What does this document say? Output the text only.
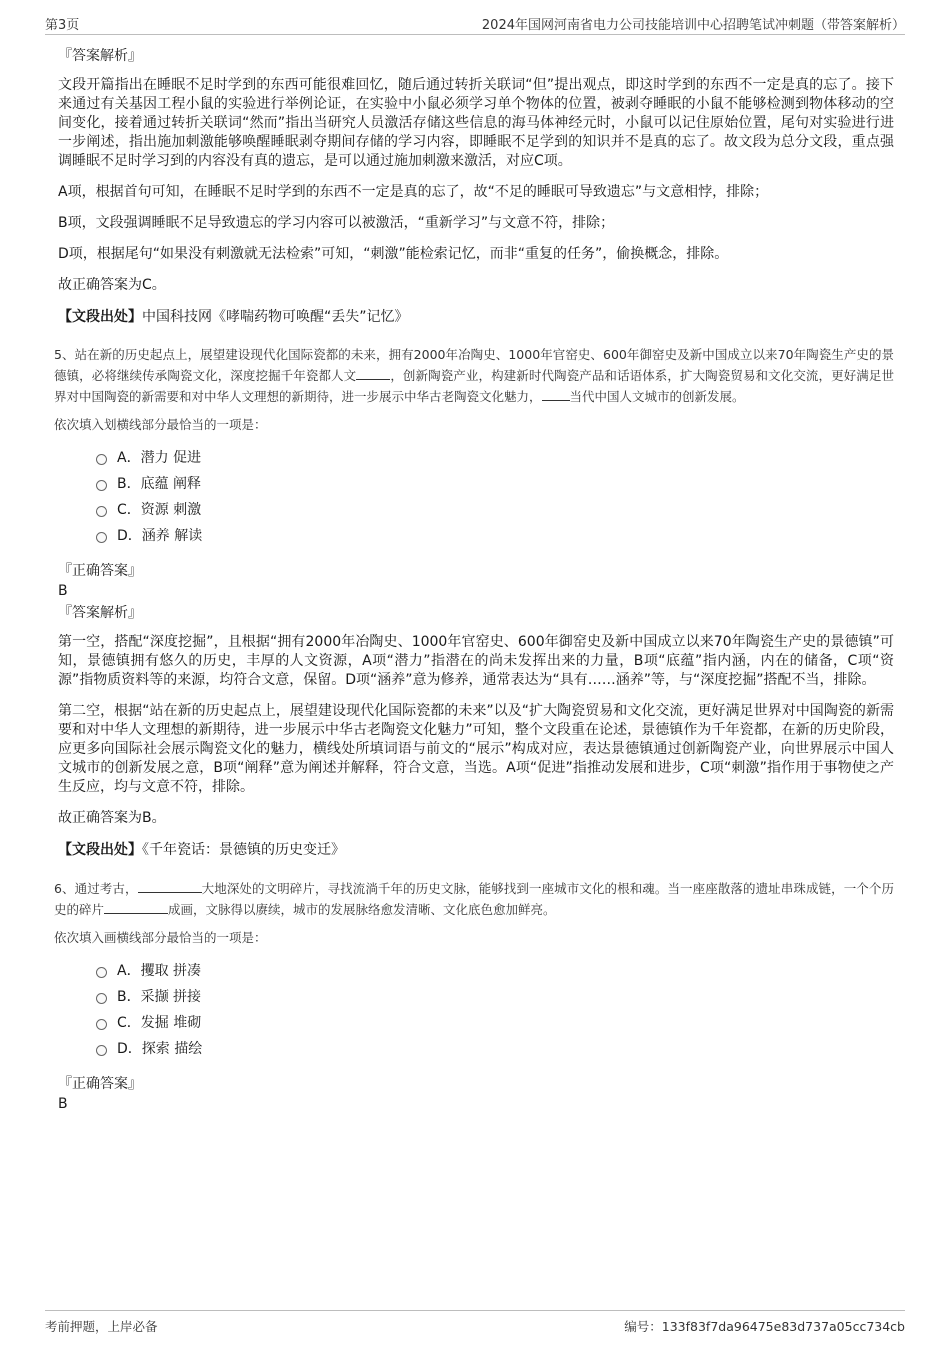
第3页	2024年国网河南省电力公司技能培训中心招聘笔试冲刺题（带答案解析）
『答案解析』

文段开篇指出在睡眠不足时学到的东西可能很难回忆，随后通过转折关联词“但”提出观点，即这时学到的东西不一定是真的忘了。接下来通过有关基因工程小鼠的实验进行举例论证，在实验中小鼠必须学习单个物体的位置，被剥夺睡眠的小鼠不能够检测到物体移动的空间变化，接着通过转折关联词“然而”指出当研究人员激活存储这些信息的海马体神经元时，小鼠可以记住原始位置，尾句对实验进行进一步阐述，指出施加刺激能够唤醒睡眠剥夺期间存储的学习内容，即睡眠不足学到的知识并不是真的忘了。故文段为总分文段，重点强调睡眠不足时学习到的内容没有真的遗忘，是可以通过施加刺激来激活，对应C项。

A项，根据首句可知，在睡眠不足时学到的东西不一定是真的忘了，故“不足的睡眠可导致遗忘”与文意相悖，排除；

B项，文段强调睡眠不足导致遗忘的学习内容可以被激活，“重新学习”与文意不符，排除；

D项，根据尾句“如果没有刺激就无法检索”可知，“刺激”能检索记忆，而非“重复的任务”，偷换概念，排除。

故正确答案为C。

【文段出处】中国科技网《哮喘药物可唤醒“丢失”记忆》

5、站在新的历史起点上，展望建设现代化国际瓷都的未来，拥有2000年冶陶史、1000年官窑史、600年御窑史及新中国成立以来70年陶瓷生产史的景德镇，必将继续传承陶瓷文化，深度挖掘千年瓷都人文	，创新陶瓷产业，构建新时代陶瓷产品和话语体系，扩大陶瓷贸易和文化交流，更好满足世界对中国陶瓷的新需要和对中华人文理想的新期待，进一步展示中华古老陶瓷文化魅力， 当代中国人文城市的创新发展。

依次填入划横线部分最恰当的一项是：
A． 潜力 促进
B． 底蕴 阐释
C． 资源 刺激
D． 涵养 解读
『正确答案』
B
『答案解析』

第一空，搭配“深度挖掘”，且根据“拥有2000年冶陶史、1000年官窑史、600年御窑史及新中国成立以来70年陶瓷生产史的景德镇”可知，景德镇拥有悠久的历史，丰厚的人文资源，A项“潜力”指潜在的尚未发挥出来的力量，B项“底蕴”指内涵，内在的储备，C项“资源”指物质资料等的来源，均符合文意，保留。D项“涵养”意为修养，通常表达为“具有……涵养”等，与“深度挖掘”搭配不当，排除。

第二空，根据“站在新的历史起点上，展望建设现代化国际瓷都的未来”以及“扩大陶瓷贸易和文化交流，更好满足世界对中国陶瓷的新需要和对中华人文理想的新期待，进一步展示中华古老陶瓷文化魅力”可知，整个文段重在论述，景德镇作为千年瓷都，在新的历史阶段，应更多向国际社会展示陶瓷文化的魅力，横线处所填词语与前文的“展示”构成对应，表达景德镇通过创新陶瓷产业，向世界展示中国人文城市的创新发展之意，B项“阐释”意为阐述并解释，符合文意，当选。A项“促进”指推动发展和进步，C项“刺激”指作用于事物使之产生反应，均与文意不符，排除。

故正确答案为B。

【文段出处】《千年瓷话：景德镇的历史变迁》

6、通过考古，	大地深处的文明碎片，寻找流淌千年的历史文脉，能够找到一座城市文化的根和魂。当一座座散落的遗址串珠成链，一个个历史的碎片	成画，文脉得以赓续，城市的发展脉络愈发清晰、文化底色愈加鲜亮。

依次填入画横线部分最恰当的一项是：
A． 攫取 拼凑
B． 采撷 拼接
C． 发掘 堆砌
D． 探索 描绘
『正确答案』
B
考前押题，上岸必备	编号：133f83f7da96475e83d737a05cc734cb
